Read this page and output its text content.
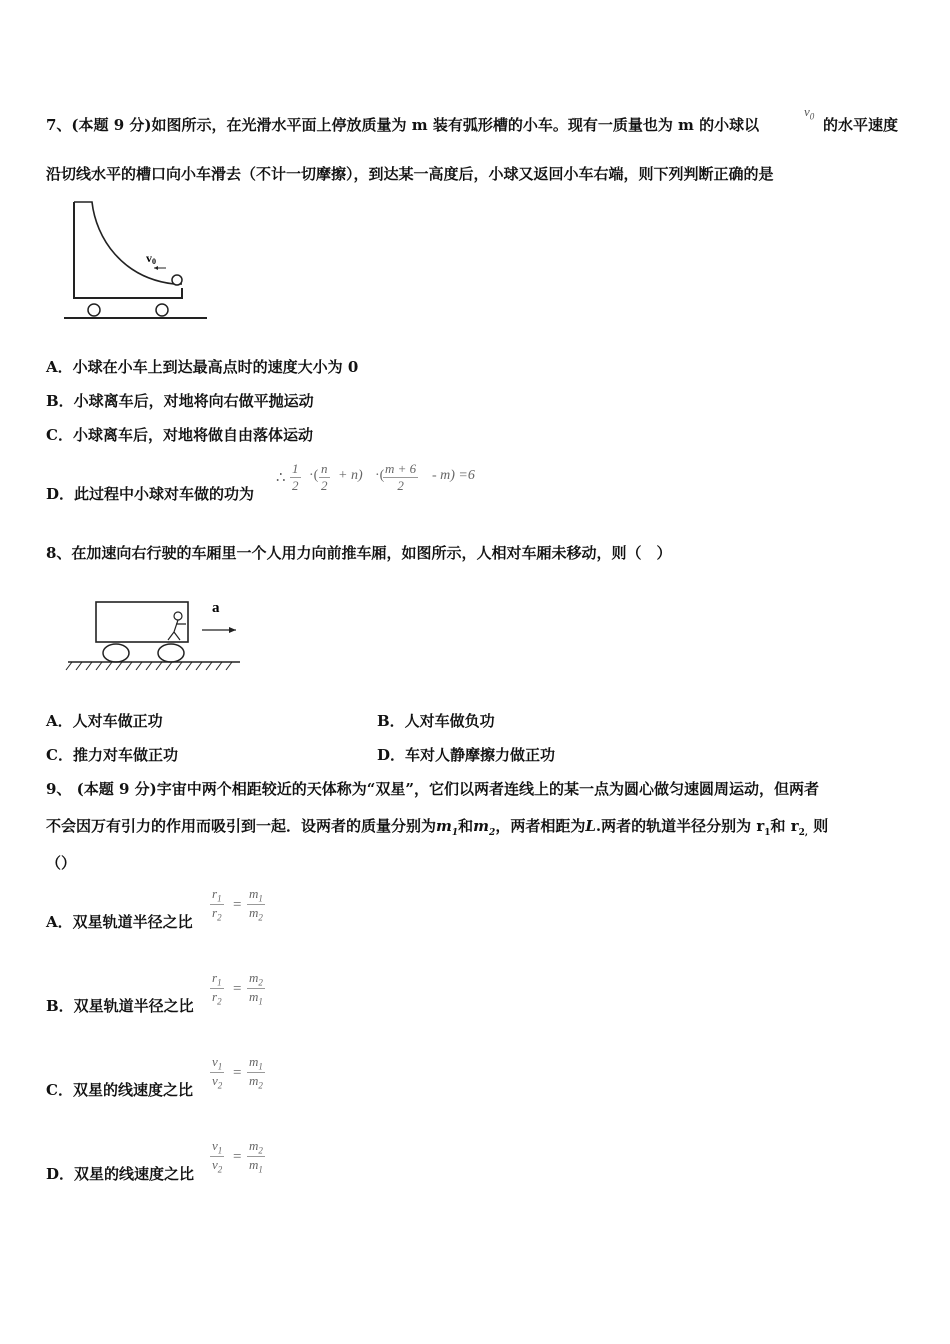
7、(本题 9 分)如图所示，在光滑水平面上停放质量为 m 装有弧形槽的小车。现有一质量也为 m 的小球以
$v_0$ 的水平速度
沿切线水平的槽口向小车滑去（不计一切摩擦），到达某一高度后，小球又返回小车右端，则下列判断正确的是
v0
A．小球在小车上到达最高点时的速度大小为 0
B．小球离车后，对地将向右做平抛运动
C．小球离车后，对地将做自由落体运动
D．此过程中小球对车做的功为
∴ $\frac{1}{2}$ ·( $\frac{n}{2} + n$) ·(
$\frac{m + 6}{2} - m) =6$
8、在加速向右行驶的车厢里一个人用力向前推车厢，如图所示，人相对车厢未移动，则（　）
a
A．人对车做正功	B．人对车做负功
C．推力对车做正功	D．车对人静摩擦力做正功
9、 (本题 9 分)宇宙中两个相距较近的天体称为“双星”，它们以两者连线上的某一点为圆心做匀速圆周运动，但两者
不会因万有引力的作用而吸引到一起．设两者的质量分别为$m_1$和$m_2$，两者相距为L.两者的轨道半径分别为 $r_1$和 $r_{2,}$ 则
（）
A．双星轨道半径之比 $\frac{r_1}{r_2} = \frac{m_1}{m_2}$
B．双星轨道半径之比 $\frac{r_1}{r_2} = \frac{m_2}{m_1}$
C．双星的线速度之比 $\frac{v_1}{v_2} = \frac{m_1}{m_2}$
D．双星的线速度之比 $\frac{v_1}{v_2} = \frac{m_2}{m_1}$
